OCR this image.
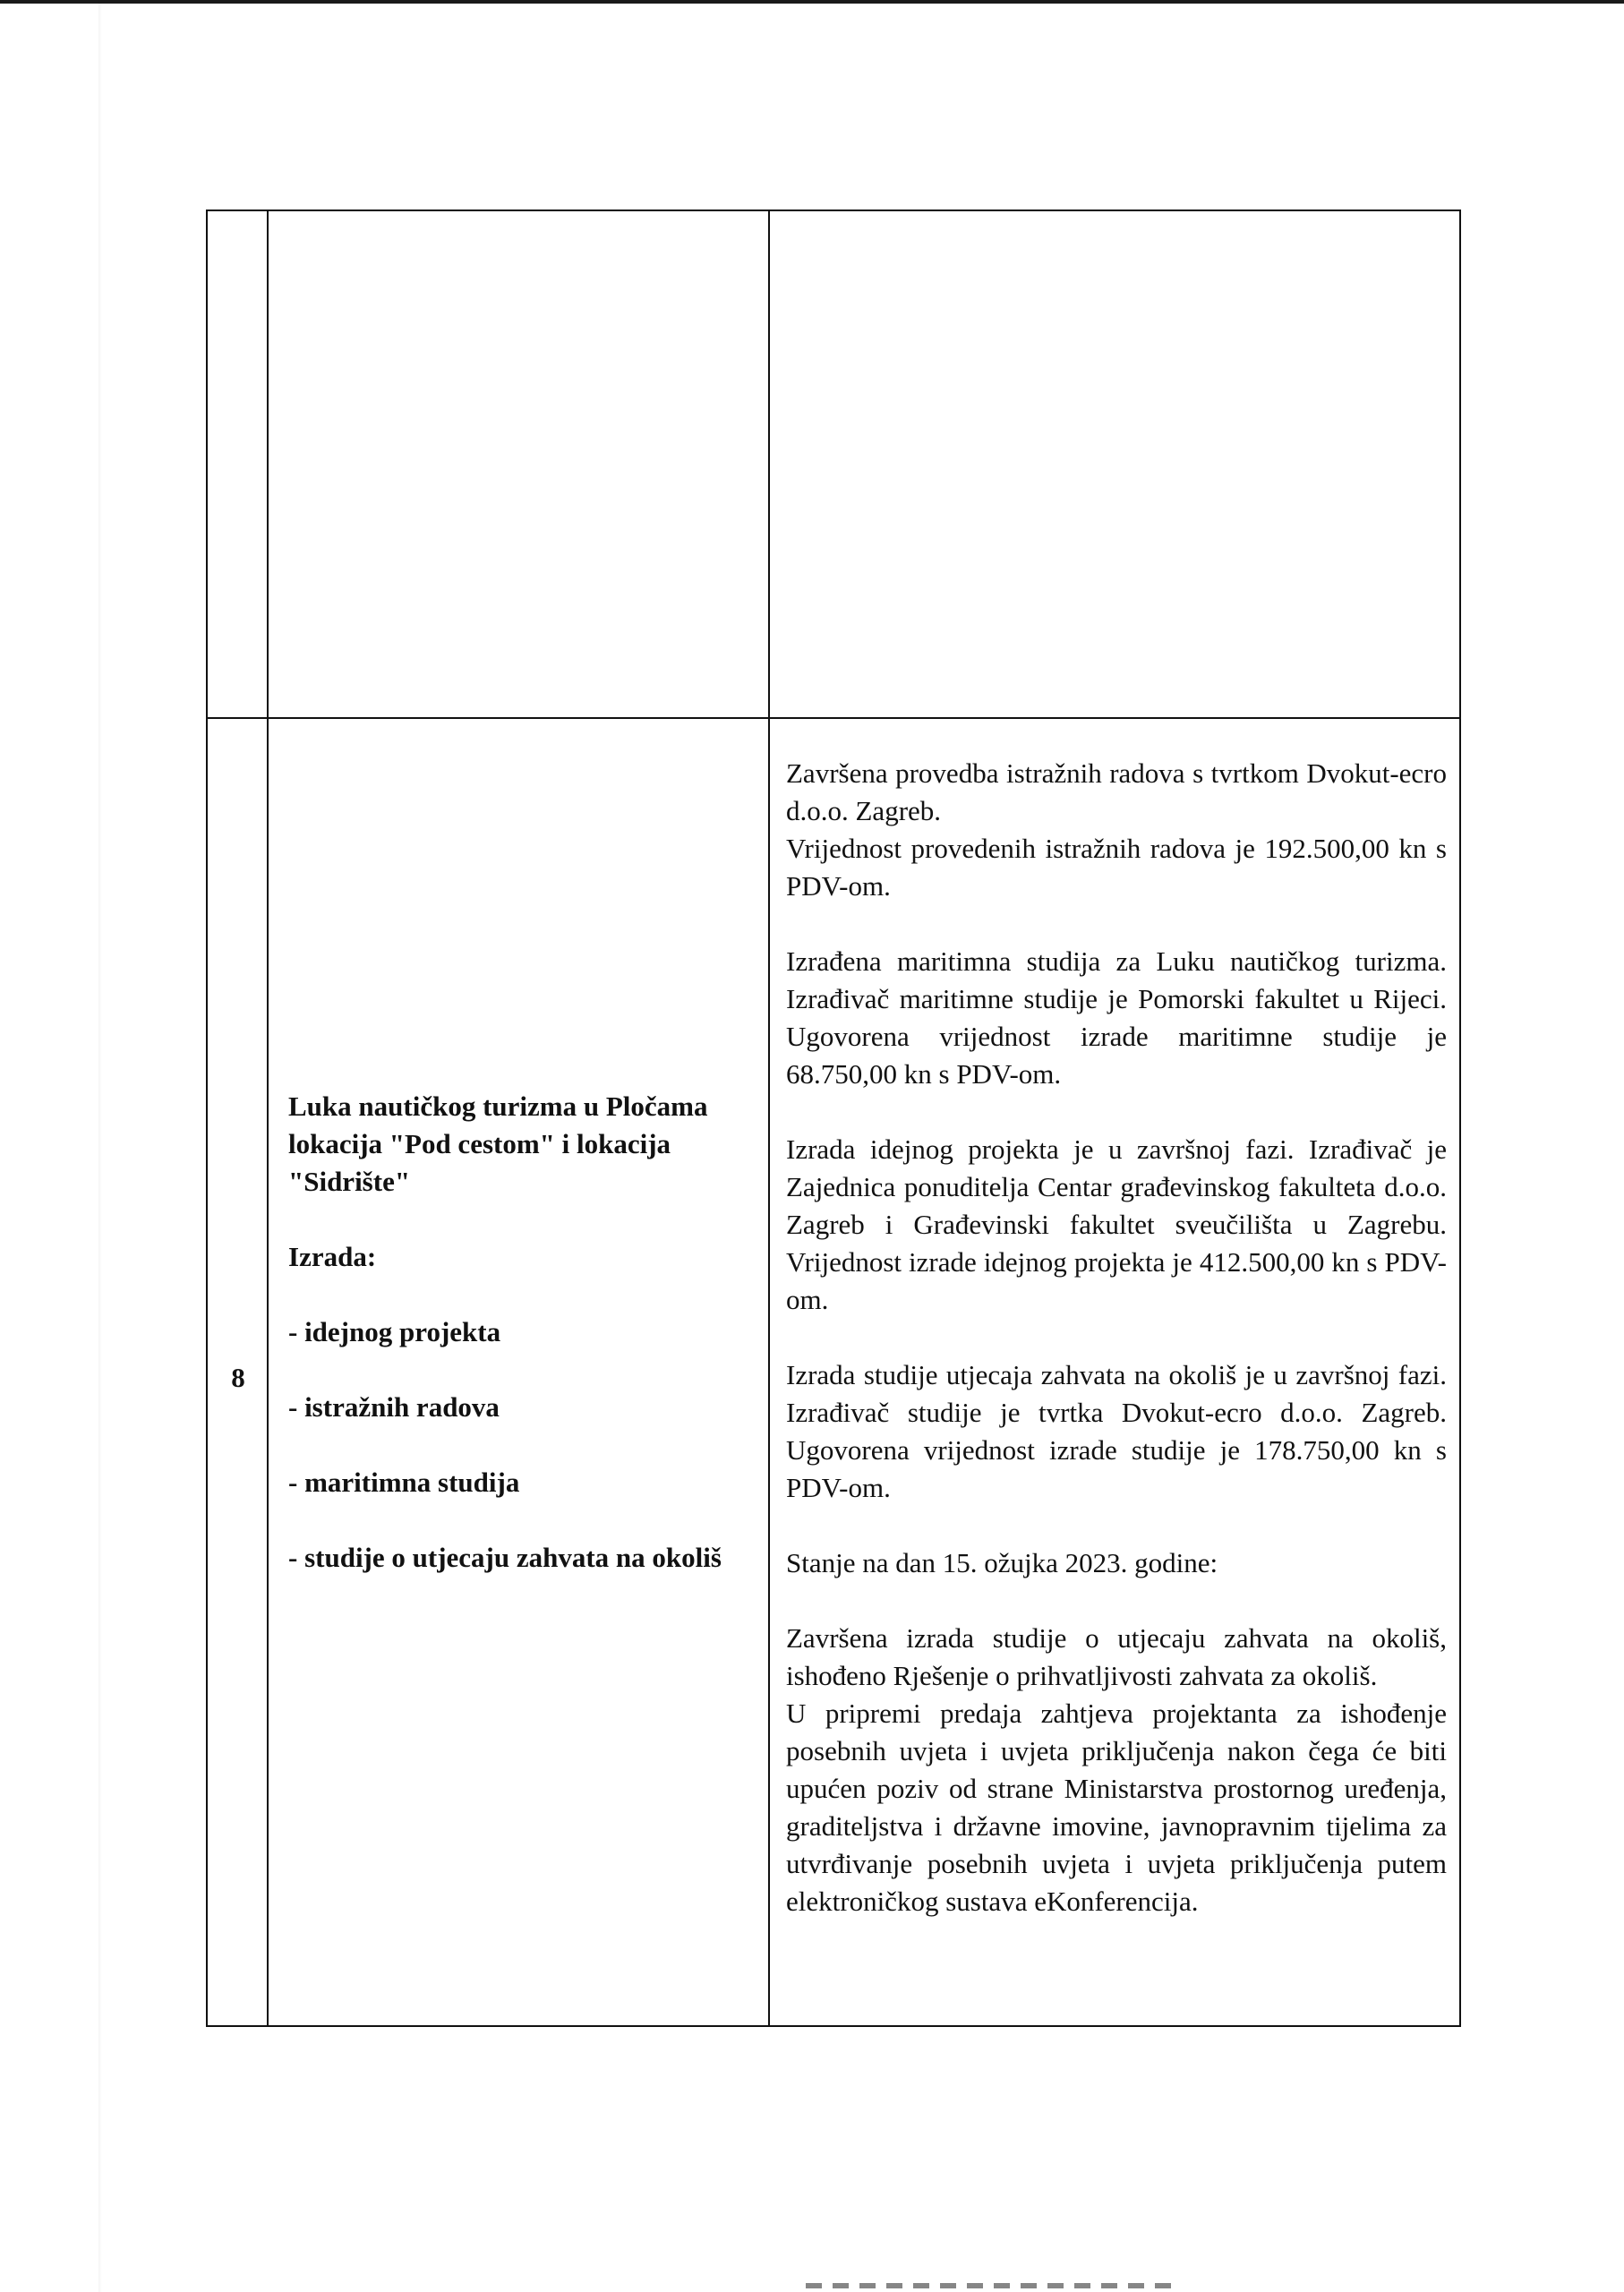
8
Luka nautičkog turizma u Pločama lokacija "Pod cestom" i lokacija "Sidrište"
Izrada:
- idejnog projekta
- istražnih radova
- maritimna studija
- studije o utjecaju zahvata na okoliš

Završena provedba istražnih radova s tvrtkom Dvokut-ecro d.o.o. Zagreb.

Vrijednost provedenih istražnih radova je 192.500,00 kn s PDV-om.

Izrađena maritimna studija za Luku nautičkog turizma. Izrađivač maritimne studije je Pomorski fakultet u Rijeci. Ugovorena vrijednost izrade maritimne studije je 68.750,00 kn s PDV-om.

Izrada idejnog projekta je u završnoj fazi. Izrađivač je Zajednica ponuditelja Centar građevinskog fakulteta d.o.o. Zagreb i Građevinski fakultet sveučilišta u Zagrebu. Vrijednost izrade idejnog projekta je 412.500,00 kn s PDV-om.

Izrada studije utjecaja zahvata na okoliš je u završnoj fazi. Izrađivač studije je tvrtka Dvokut-ecro d.o.o. Zagreb. Ugovorena vrijednost izrade studije je 178.750,00 kn s PDV-om.

Stanje na dan 15. ožujka 2023. godine:

Završena izrada studije o utjecaju zahvata na okoliš, ishođeno Rješenje o prihvatljivosti zahvata za okoliš.

U pripremi predaja zahtjeva projektanta za ishođenje posebnih uvjeta i uvjeta priključenja nakon čega će biti upućen poziv od strane Ministarstva prostornog uređenja, graditeljstva i državne imovine, javnopravnim tijelima za utvrđivanje posebnih uvjeta i uvjeta priključenja putem elektroničkog sustava eKonferencija.
